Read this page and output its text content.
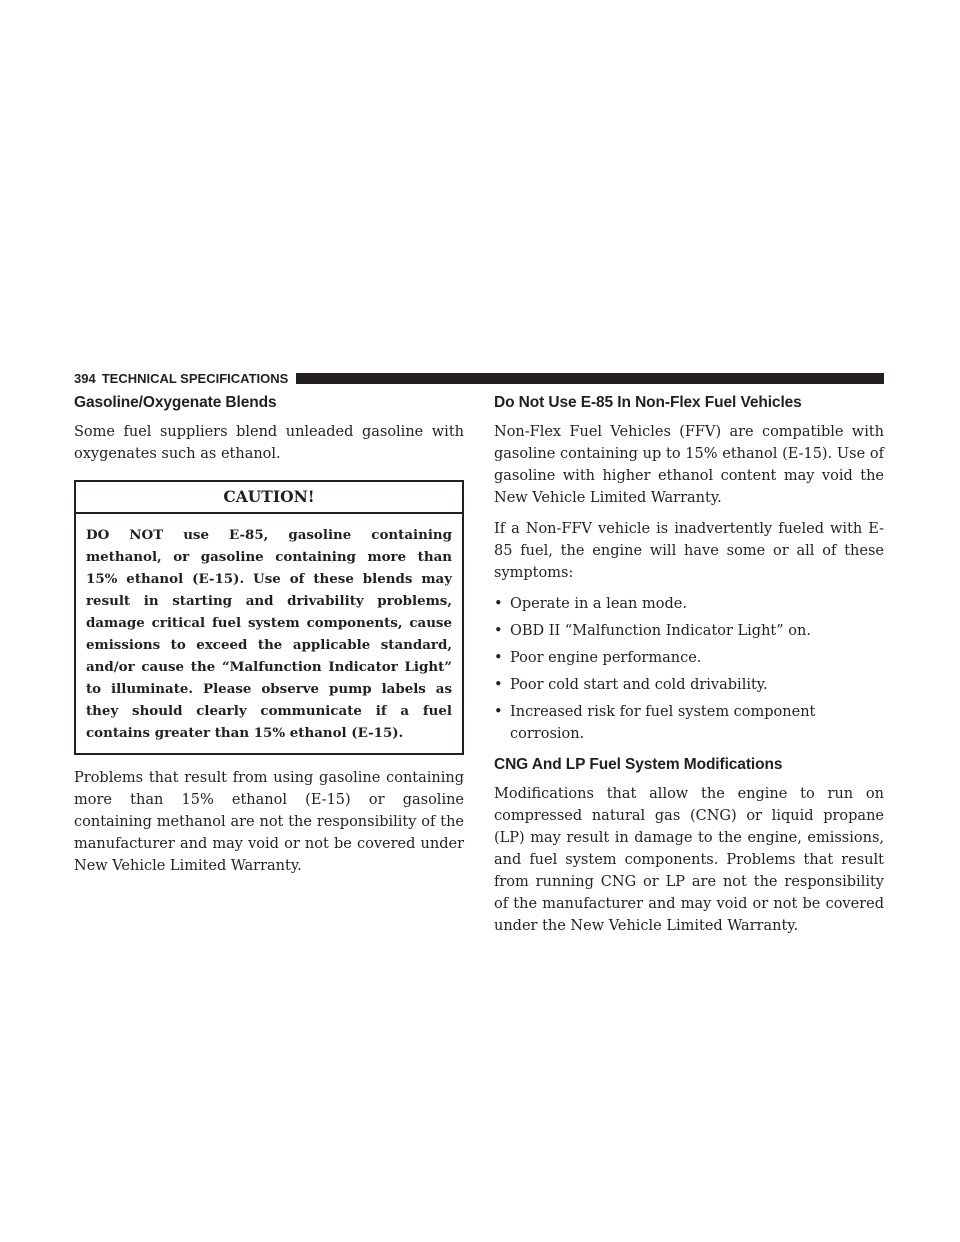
394 TECHNICAL SPECIFICATIONS
Gasoline/Oxygenate Blends

Some fuel suppliers blend unleaded gasoline with oxygenates such as ethanol.

CAUTION!
DO NOT use E-85, gasoline containing methanol, or gasoline containing more than 15% ethanol (E-15). Use of these blends may result in starting and drivability problems, damage critical fuel system components, cause emissions to exceed the applicable standard, and/or cause the “Malfunction Indicator Light” to illuminate. Please observe pump labels as they should clearly communicate if a fuel contains greater than 15% ethanol (E-15).

Problems that result from using gasoline containing more than 15% ethanol (E-15) or gasoline containing methanol are not the responsibility of the manufacturer and may void or not be covered under New Vehicle Limited Warranty.

Do Not Use E-85 In Non-Flex Fuel Vehicles

Non-Flex Fuel Vehicles (FFV) are compatible with gasoline containing up to 15% ethanol (E-15). Use of gasoline with higher ethanol content may void the New Vehicle Limited Warranty.

If a Non-FFV vehicle is inadvertently fueled with E-85 fuel, the engine will have some or all of these symptoms:

• Operate in a lean mode.
• OBD II “Malfunction Indicator Light” on.
• Poor engine performance.
• Poor cold start and cold drivability.
• Increased risk for fuel system component corrosion.
CNG And LP Fuel System Modifications

Modifications that allow the engine to run on compressed natural gas (CNG) or liquid propane (LP) may result in damage to the engine, emissions, and fuel system components. Problems that result from running CNG or LP are not the responsibility of the manufacturer and may void or not be covered under the New Vehicle Limited Warranty.
